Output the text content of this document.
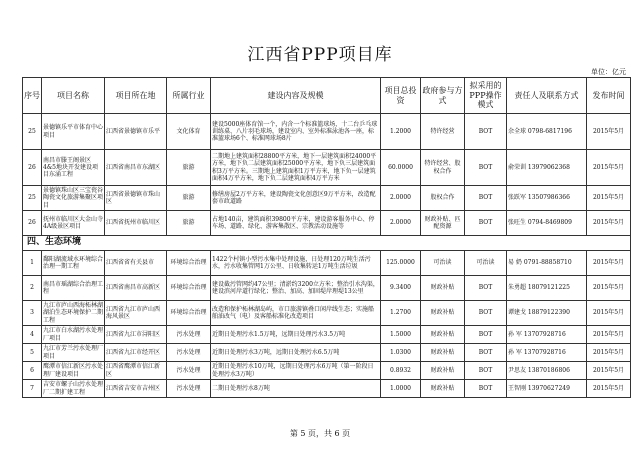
江西省PPP项目库
单位：亿元
序号	项目名称	项目所在地	所属行业	建设内容及规模	项目总投资	政府参与方式	拟采用的PPP操作模式	责任人及联系方式	发布时间
25	景德镇乐平市体育中心项目	江西省景德镇市乐平	文化体育	建设5000座体育馆一个，内含一个标准篮球场、十二台乒乓球训练桌、八片羽毛球场，建设室内、室外标准泳池各一座，标准篮球场6个、标准网球场8片	1.2000	特许经营	BOT	余全球 0798-6817196	2015年5月
26	南昌市滕王阁景区4&5地块开发建设项目东涌工程	江西省南昌市东湖区	旅游	二期地上建筑面积28800平方米，地下一层建筑面积24000平方米，地下负二层建筑面积25000平方米，地下负三层建筑面积3万平方米。三期地上建筑面积1万平方米，地下负一层建筑面积4万平方米，地下负二层建筑面积4万平方米	60.0000	特许经营、股权合作	BOT	俞荣训 13979062368	2015年5月
25	景德镇珠山区三宝瓷谷陶瓷文化旅游集聚区项目	江西省景德镇市珠山区	旅游	修缮房屋2万平方米，建设陶瓷文化创意区9万平方米，改造配套市政道路	2.0000	股权合作	BOT	张跃军 13507986366	2015年5月
26	抚州市临川区大金山寺4A级景区项目	江西省抚州市临川区	旅游	占地140亩，建筑面积39800平方米，建设游客服务中心、停车场、道路、绿化、游客集散区、宗教活动设施等	2.0000	财政补贴、匹配资源	BOT	张旺生 0794-8469809	2015年5月
四、生态环境									
1	鄱阳湖流域水环境综合治理一期工程	江西省省有关县市	环境综合治理	1422个村镇小型污水集中处理设施，日处理120万吨生活污水，污水收集管网1万公里、日收集转运1万吨生活垃圾	125.0000	可治读	可治读	易 奶 0791-88858710	2015年5月
2	南昌市瑶湖综合治理工程	江西省南昌市高新区	环境综合治理	建设截污管网约47公里；清淤约3200立方米；整治引水沟渠，建设滨河岸道行绿化；整治、加高、加固堤岸理堤13公里	9.3400	财政补贴	BOT	朱勇超 18079121225	2015年5月
3	九江市庐山西海柘林湖湖泊生态环境保护二期工程	江西省九江市庐山西海风景区	环境综合治理	改造和保护柘林湖岛屿，市口旅游镇叠口闲岸线生态；实施船舶油改气（电）及客船标准化改造项目	1.2700	财政补贴	BOT	谭建戈 18879122390	2015年5月
4	九江市白水湖污水处理厂项目	江西省九江市浔阳区	污水处理	近期日处理污水1.5万吨，远期日处理污水3.5万吨	1.5000	财政补贴	BOT	孙 军 13707928716	2015年5月
5	九江市芳兰污水处理厂项目	江西省九江市经开区	污水处理	近期日处理污水3万吨，远期日处理污水6.5万吨	1.0300	财政补贴	BOT	孙 军 13707928716	2015年5月
6	鹰潭市信江新区污水处理厂建设项目	江西省鹰潭市信江新区	污水处理	近期日处理污水10万吨，远期日处理污水6万吨（第一阶段日处理污水3万吨）	0.8932	财政补贴	BOT	尹思友 13870186806	2015年5月
7	吉安市螺子山污水处理厂二期扩建工程	江西省吉安市吉州区	污水处理	二期日处理污水8万吨	1.0000	财政补贴	BOT	王智刚 13970627249	2015年5月
第 5 页，共 6 页
